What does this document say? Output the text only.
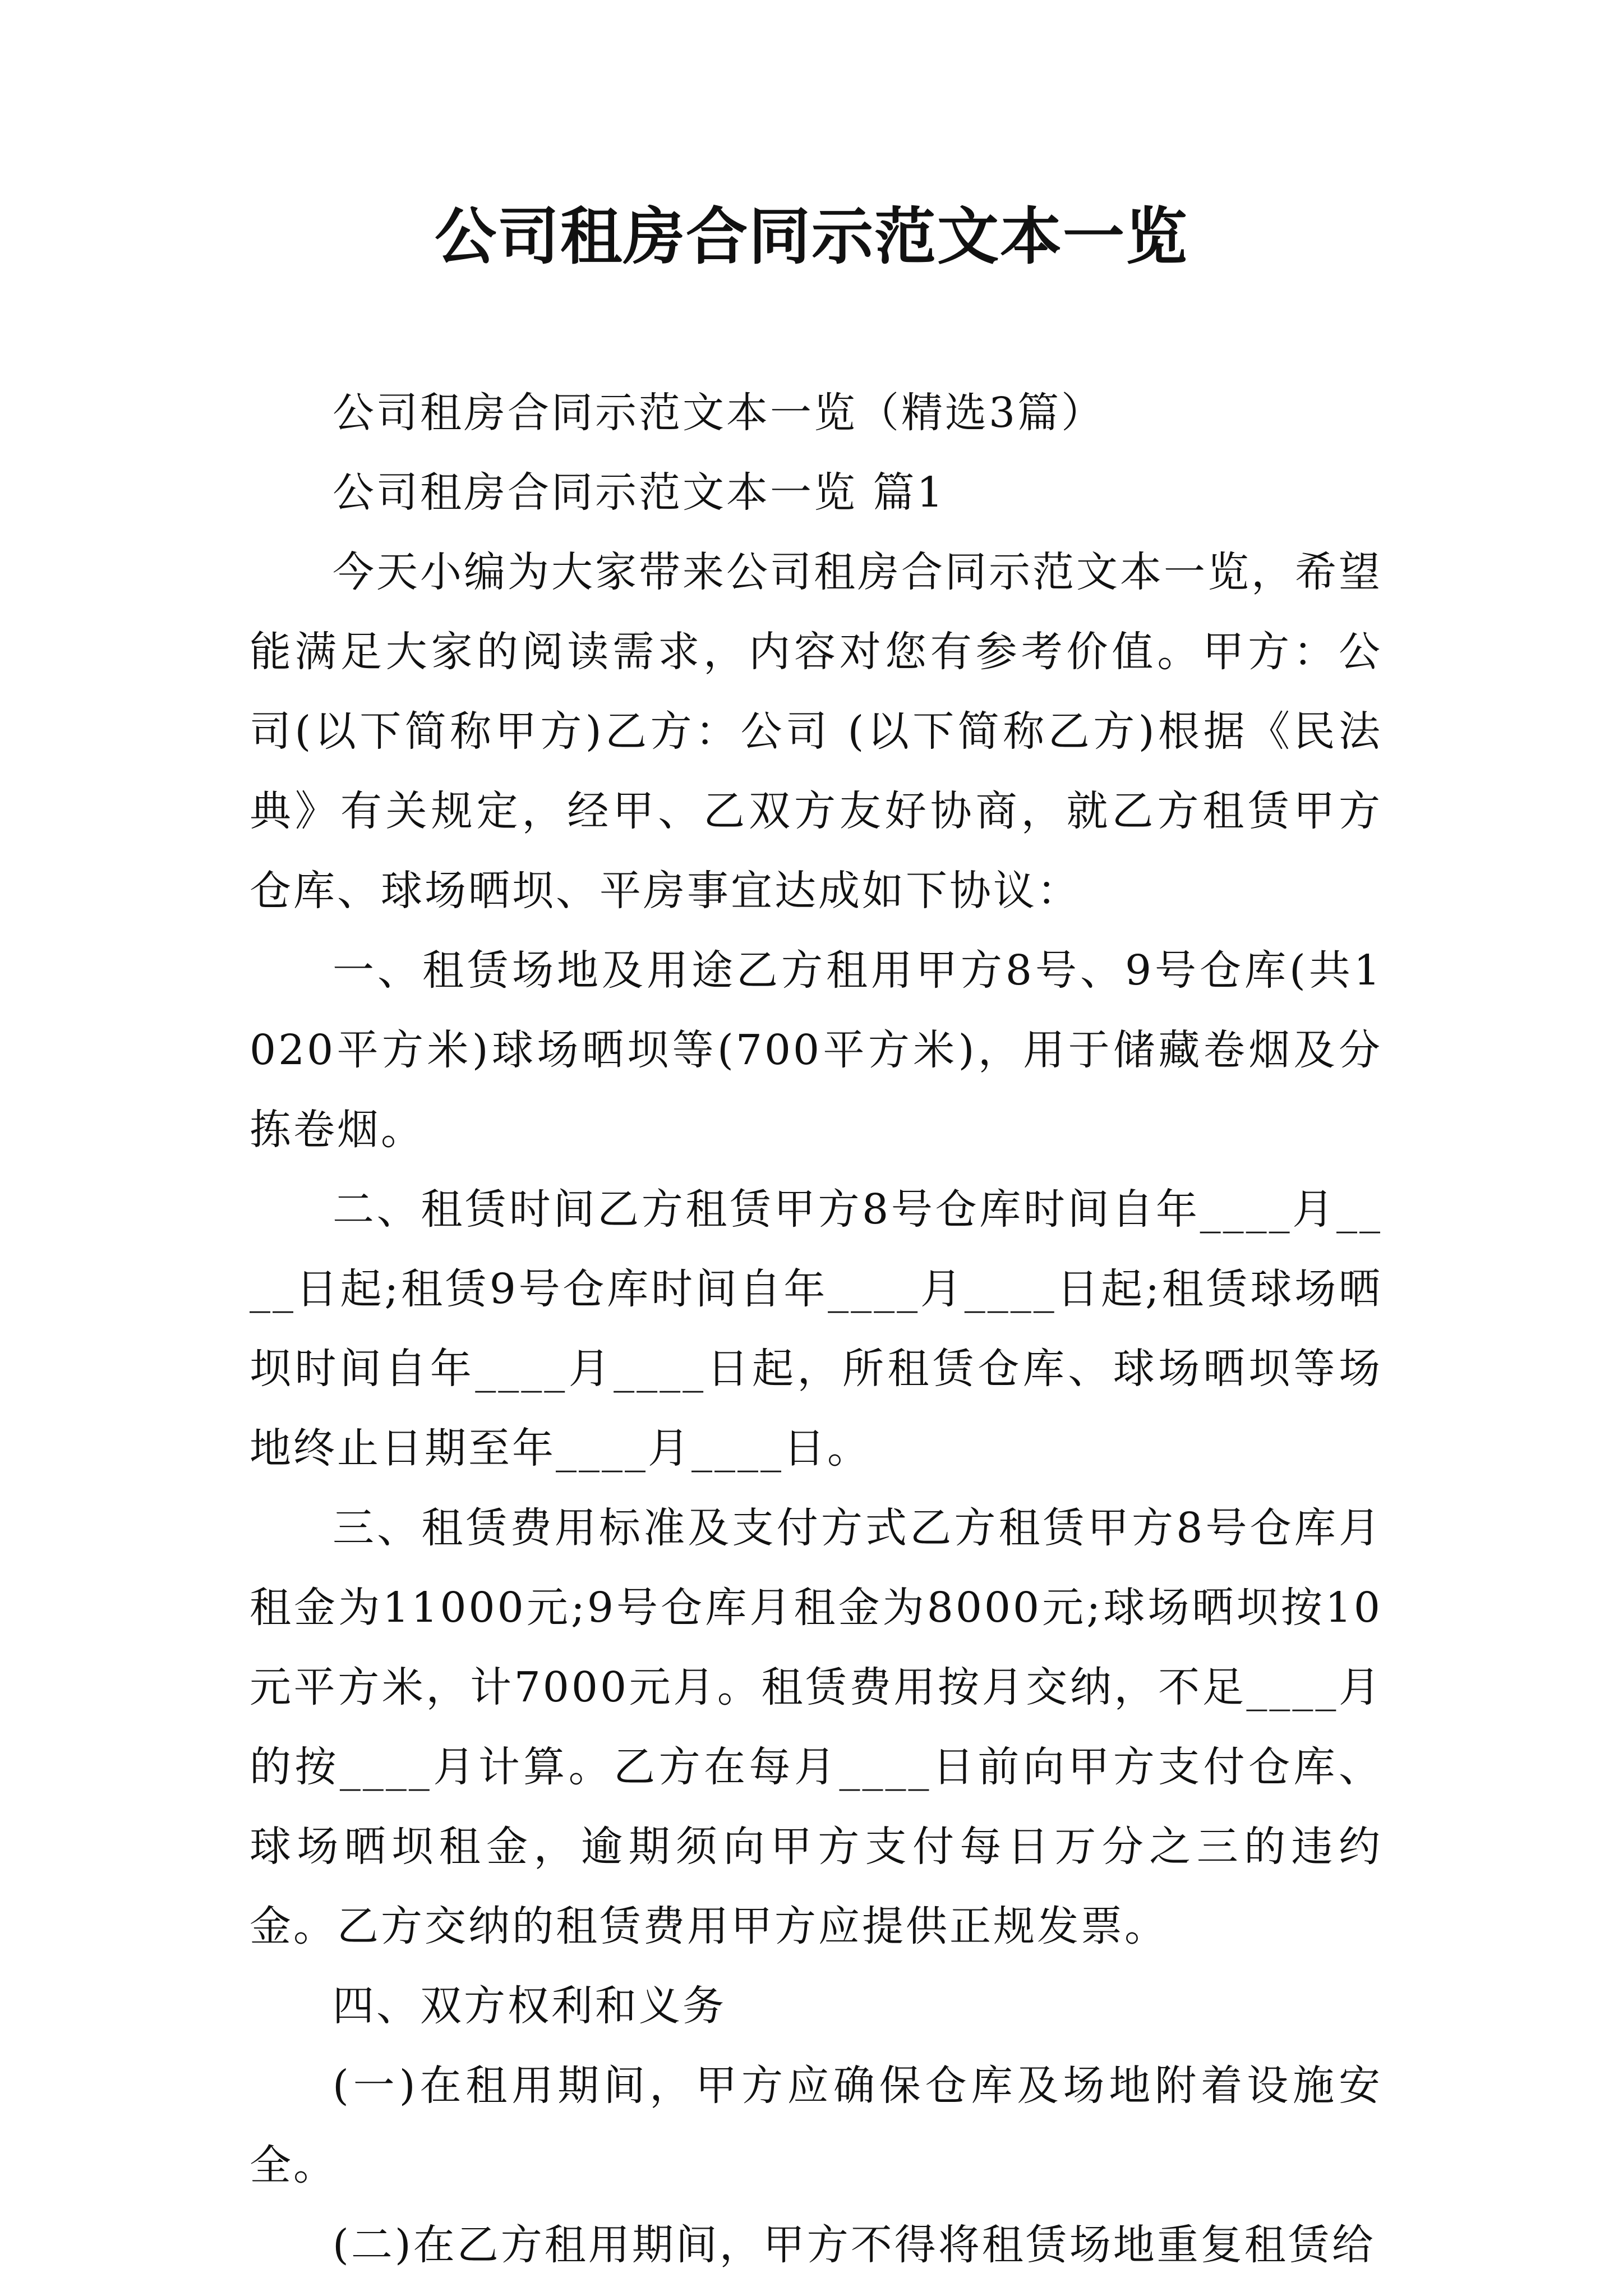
公司租房合同示范文本一览

公司租房合同示范文本一览（精选3篇）

公司租房合同示范文本一览 篇1

今天小编为大家带来公司租房合同示范文本一览，希望能满足大家的阅读需求，内容对您有参考价值。甲方：公司(以下简称甲方)乙方：公司 (以下简称乙方)根据《民法典》有关规定，经甲、乙双方友好协商，就乙方租赁甲方仓库、球场晒坝、平房事宜达成如下协议：

一、租赁场地及用途乙方租用甲方8号、9号仓库(共1020平方米)球场晒坝等(700平方米)，用于储藏卷烟及分拣卷烟。

二、租赁时间乙方租赁甲方8号仓库时间自年____月____日起;租赁9号仓库时间自年____月____日起;租赁球场晒坝时间自年____月____日起，所租赁仓库、球场晒坝等场地终止日期至年____月____日。

三、租赁费用标准及支付方式乙方租赁甲方8号仓库月租金为11000元;9号仓库月租金为8000元;球场晒坝按10元平方米，计7000元月。租赁费用按月交纳，不足____月的按____月计算。乙方在每月____日前向甲方支付仓库、球场晒坝租金，逾期须向甲方支付每日万分之三的违约金。乙方交纳的租赁费用甲方应提供正规发票。

四、双方权利和义务

(一)在租用期间，甲方应确保仓库及场地附着设施安全。

(二)在乙方租用期间，甲方不得将租赁场地重复租赁给
